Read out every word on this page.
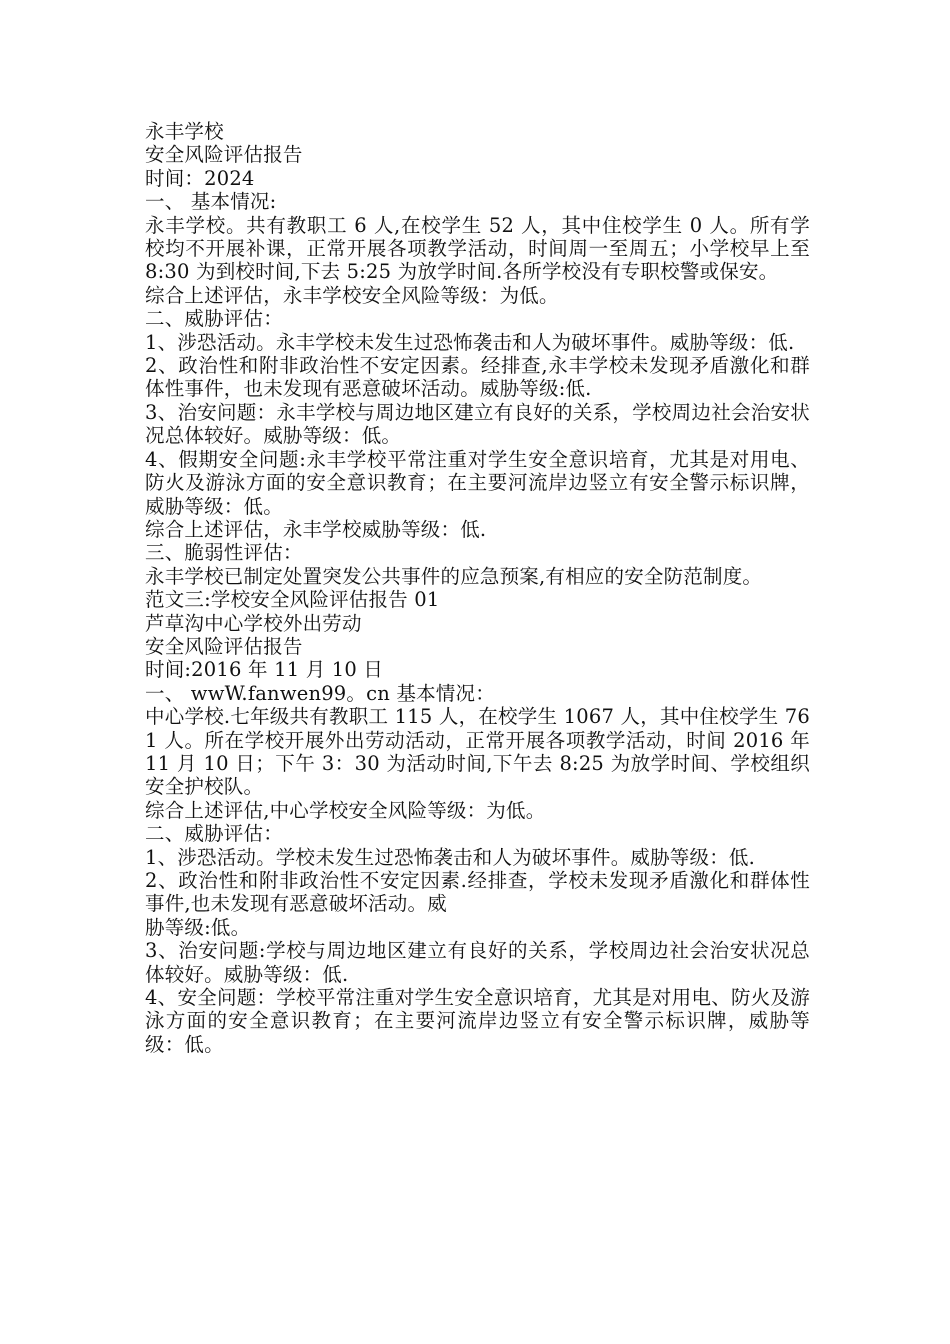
永丰学校

安全风险评估报告

时间：2024

一、 基本情况:

永丰学校。共有教职工 6 人,在校学生 52 人，其中住校学生 0 人。所有学校均不开展补课，正常开展各项教学活动，时间周一至周五；小学校早上至 8:30 为到校时间,下去 5:25 为放学时间.各所学校没有专职校警或保安。

综合上述评估，永丰学校安全风险等级：为低。

二、威胁评估：

1、涉恐活动。永丰学校未发生过恐怖袭击和人为破坏事件。威胁等级：低.

2、政治性和附非政治性不安定因素。经排查,永丰学校未发现矛盾激化和群体性事件，也未发现有恶意破坏活动。威胁等级:低.

3、治安问题：永丰学校与周边地区建立有良好的关系，学校周边社会治安状况总体较好。威胁等级：低。

4、假期安全问题:永丰学校平常注重对学生安全意识培育，尤其是对用电、防火及游泳方面的安全意识教育；在主要河流岸边竖立有安全警示标识牌，威胁等级：低。

综合上述评估，永丰学校威胁等级：低.

三、脆弱性评估：

永丰学校已制定处置突发公共事件的应急预案,有相应的安全防范制度。

范文三:学校安全风险评估报告 01

芦草沟中心学校外出劳动

安全风险评估报告

时间:2016 年 11 月 10 日

一、 wwW.fanwen99。cn 基本情况：

中心学校.七年级共有教职工 115 人，在校学生 1067 人，其中住校学生 761 人。所在学校开展外出劳动活动，正常开展各项教学活动，时间 2016 年 11 月 10 日；下午 3：30 为活动时间,下午去 8:25 为放学时间、学校组织安全护校队。

综合上述评估,中心学校安全风险等级：为低。

二、威胁评估：

1、涉恐活动。学校未发生过恐怖袭击和人为破坏事件。威胁等级：低.

2、政治性和附非政治性不安定因素.经排查，学校未发现矛盾激化和群体性事件,也未发现有恶意破坏活动。威

胁等级:低。

3、治安问题:学校与周边地区建立有良好的关系，学校周边社会治安状况总体较好。威胁等级：低.

4、安全问题：学校平常注重对学生安全意识培育，尤其是对用电、防火及游泳方面的安全意识教育；在主要河流岸边竖立有安全警示标识牌，威胁等级：低。
